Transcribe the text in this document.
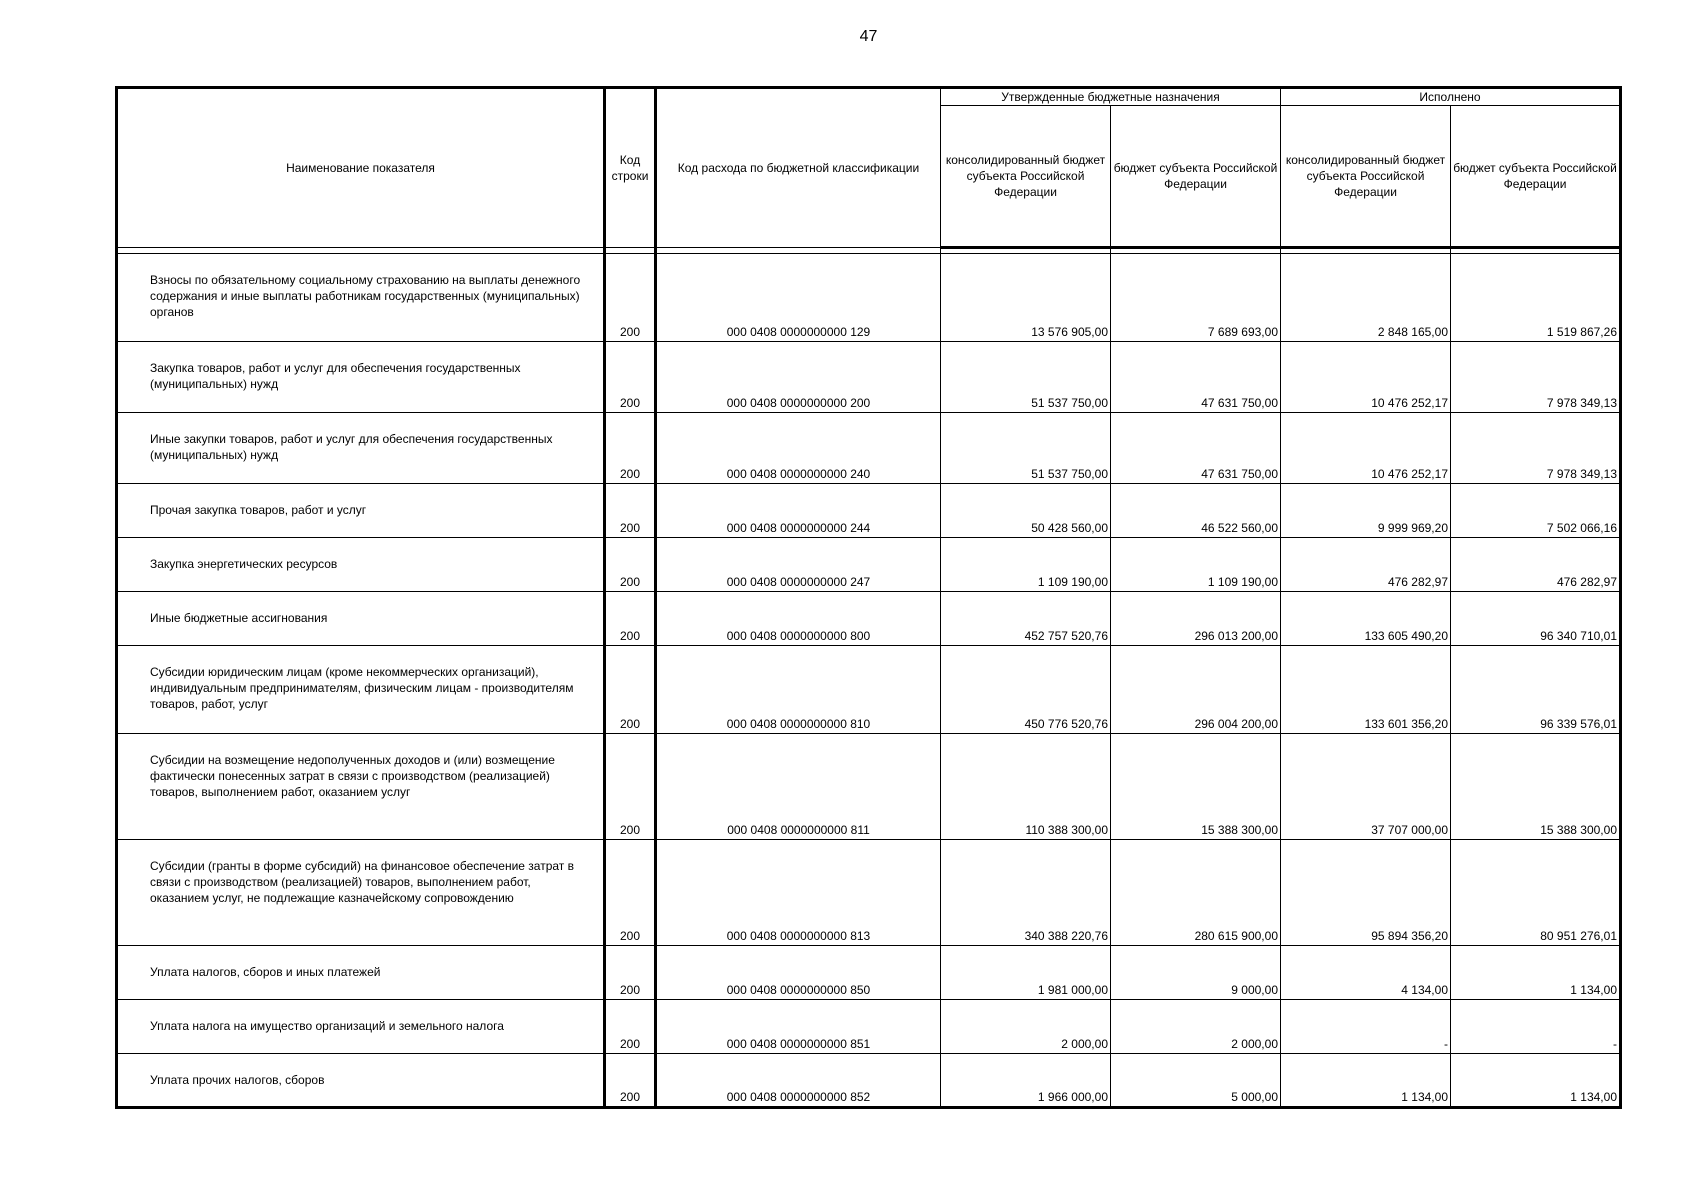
47
Наименование показателя	Код строки	Код расхода по бюджетной классификации	Утвержденные бюджетные назначения		Исполнено	
			консолидированный бюджет субъекта Российской Федерации	бюджет субъекта Российской Федерации	консолидированный бюджет субъекта Российской Федерации	бюджет субъекта Российской Федерации

Взносы по обязательному социальному страхованию на выплаты денежного содержания и иные выплаты работникам государственных (муниципальных) органов	200	000 0408 0000000000 129	13 576 905,00	7 689 693,00	2 848 165,00	1 519 867,26
Закупка товаров, работ и услуг для обеспечения государственных (муниципальных) нужд	200	000 0408 0000000000 200	51 537 750,00	47 631 750,00	10 476 252,17	7 978 349,13
Иные закупки товаров, работ и услуг для обеспечения государственных (муниципальных) нужд	200	000 0408 0000000000 240	51 537 750,00	47 631 750,00	10 476 252,17	7 978 349,13
Прочая закупка товаров, работ и услуг	200	000 0408 0000000000 244	50 428 560,00	46 522 560,00	9 999 969,20	7 502 066,16
Закупка энергетических ресурсов	200	000 0408 0000000000 247	1 109 190,00	1 109 190,00	476 282,97	476 282,97
Иные бюджетные ассигнования	200	000 0408 0000000000 800	452 757 520,76	296 013 200,00	133 605 490,20	96 340 710,01
Субсидии юридическим лицам (кроме некоммерческих организаций), индивидуальным предпринимателям, физическим лицам - производителям товаров, работ, услуг	200	000 0408 0000000000 810	450 776 520,76	296 004 200,00	133 601 356,20	96 339 576,01
Субсидии на возмещение недополученных доходов и (или) возмещение фактически понесенных затрат в связи с производством (реализацией) товаров, выполнением работ, оказанием услуг	200	000 0408 0000000000 811	110 388 300,00	15 388 300,00	37 707 000,00	15 388 300,00
Субсидии (гранты в форме субсидий) на финансовое обеспечение затрат в связи с производством (реализацией) товаров, выполнением работ, оказанием услуг, не подлежащие казначейскому сопровождению	200	000 0408 0000000000 813	340 388 220,76	280 615 900,00	95 894 356,20	80 951 276,01
Уплата налогов, сборов и иных платежей	200	000 0408 0000000000 850	1 981 000,00	9 000,00	4 134,00	1 134,00
Уплата налога на имущество организаций и земельного налога	200	000 0408 0000000000 851	2 000,00	2 000,00	-	-
Уплата прочих налогов, сборов	200	000 0408 0000000000 852	1 966 000,00	5 000,00	1 134,00	1 134,00
